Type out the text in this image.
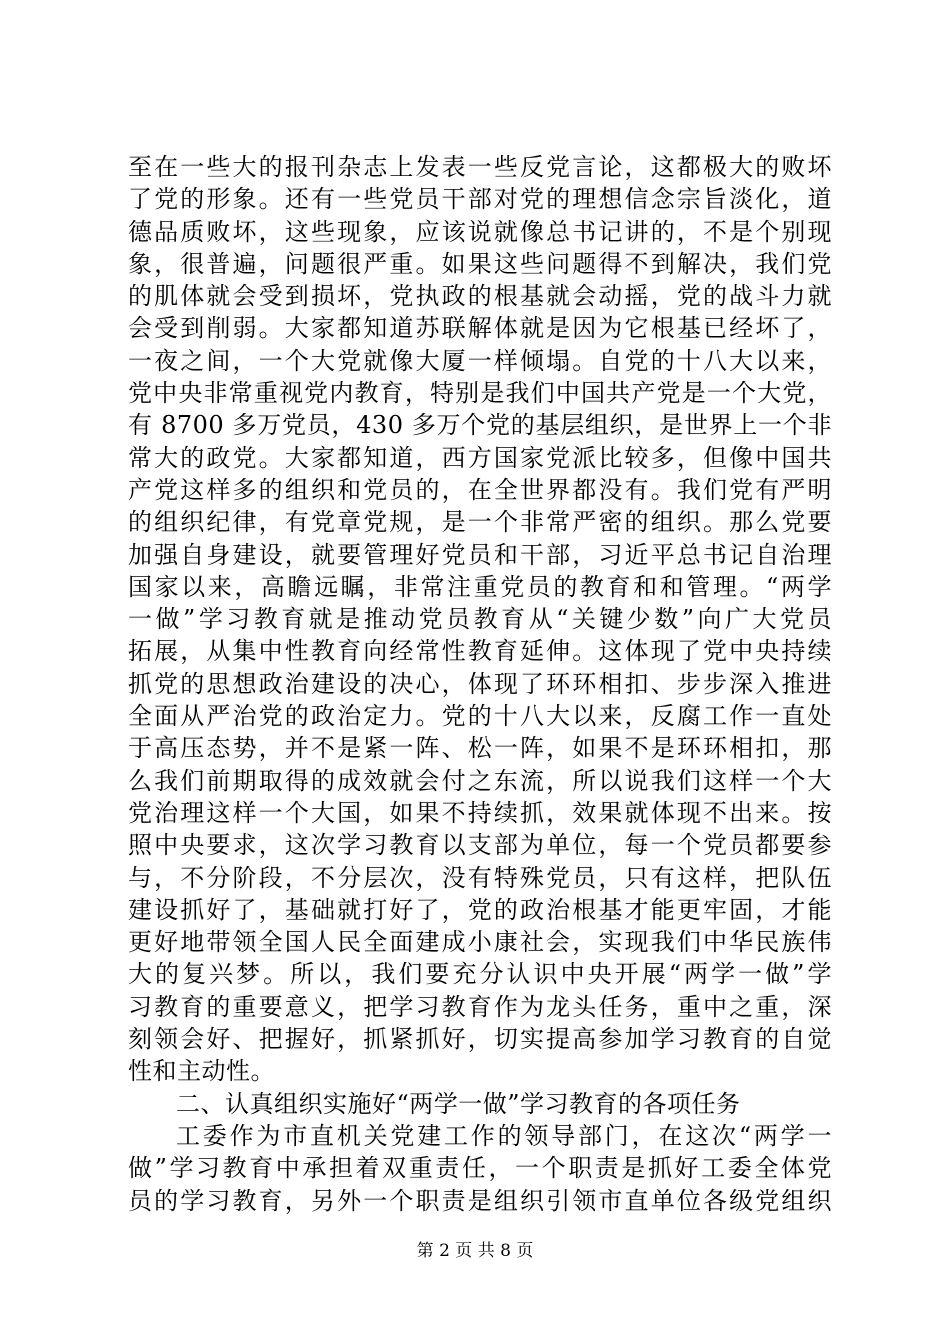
至在一些大的报刊杂志上发表一些反党言论，这都极大的败坏
了党的形象。还有一些党员干部对党的理想信念宗旨淡化，道
德品质败坏，这些现象，应该说就像总书记讲的，不是个别现
象，很普遍，问题很严重。如果这些问题得不到解决，我们党
的肌体就会受到损坏，党执政的根基就会动摇，党的战斗力就
会受到削弱。大家都知道苏联解体就是因为它根基已经坏了，
一夜之间，一个大党就像大厦一样倾塌。自党的十八大以来，
党中央非常重视党内教育，特别是我们中国共产党是一个大党，
有 8700 多万党员，430 多万个党的基层组织，是世界上一个非
常大的政党。大家都知道，西方国家党派比较多，但像中国共
产党这样多的组织和党员的，在全世界都没有。我们党有严明
的组织纪律，有党章党规，是一个非常严密的组织。那么党要
加强自身建设，就要管理好党员和干部，习近平总书记自治理
国家以来，高瞻远瞩，非常注重党员的教育和和管理。“两学
一做”学习教育就是推动党员教育从“关键少数”向广大党员
拓展，从集中性教育向经常性教育延伸。这体现了党中央持续
抓党的思想政治建设的决心，体现了环环相扣、步步深入推进
全面从严治党的政治定力。党的十八大以来，反腐工作一直处
于高压态势，并不是紧一阵、松一阵，如果不是环环相扣，那
么我们前期取得的成效就会付之东流，所以说我们这样一个大
党治理这样一个大国，如果不持续抓，效果就体现不出来。按
照中央要求，这次学习教育以支部为单位，每一个党员都要参
与，不分阶段，不分层次，没有特殊党员，只有这样，把队伍
建设抓好了，基础就打好了，党的政治根基才能更牢固，才能
更好地带领全国人民全面建成小康社会，实现我们中华民族伟
大的复兴梦。所以，我们要充分认识中央开展“两学一做”学
习教育的重要意义，把学习教育作为龙头任务，重中之重，深
刻领会好、把握好，抓紧抓好，切实提高参加学习教育的自觉
性和主动性。
二、认真组织实施好“两学一做”学习教育的各项任务
工委作为市直机关党建工作的领导部门，在这次“两学一
做”学习教育中承担着双重责任，一个职责是抓好工委全体党
员的学习教育，另外一个职责是组织引领市直单位各级党组织
第 2 页 共 8 页
